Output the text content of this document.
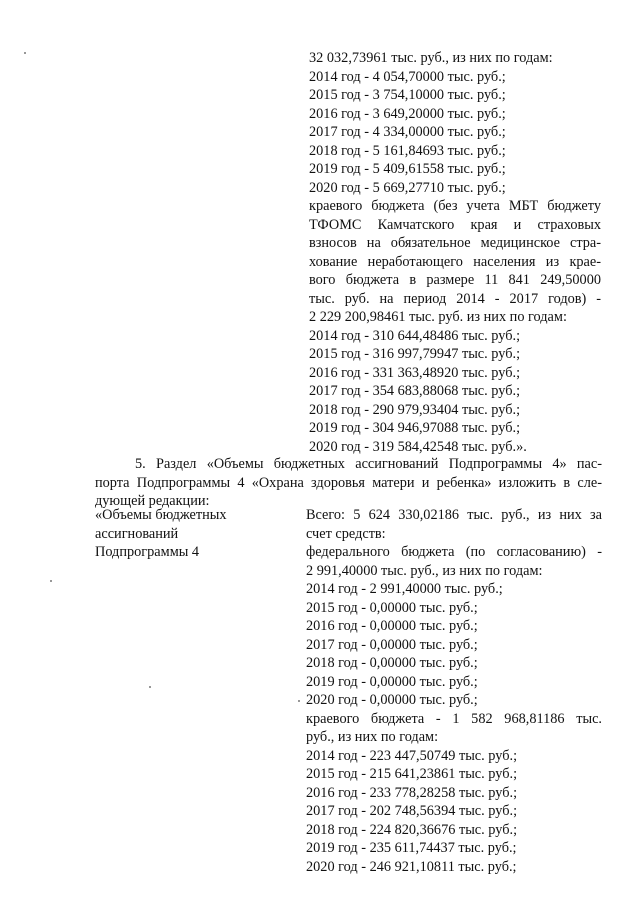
32 032,73961 тыс. руб., из них по годам:
2014 год - 4 054,70000 тыс. руб.;
2015 год - 3 754,10000 тыс. руб.;
2016 год - 3 649,20000 тыс. руб.;
2017 год - 4 334,00000 тыс. руб.;
2018 год - 5 161,84693 тыс. руб.;
2019 год - 5 409,61558 тыс. руб.;
2020 год - 5 669,27710 тыс. руб.;
краевого бюджета (без учета МБТ бюджету
ТФОМС Камчатского края и страховых
взносов на обязательное медицинское стра-
хование неработающего населения из крае-
вого бюджета в размере 11 841 249,50000
тыс. руб. на период 2014 - 2017 годов) -
2 229 200,98461 тыс. руб. из них по годам:
2014 год - 310 644,48486 тыс. руб.;
2015 год - 316 997,79947 тыс. руб.;
2016 год - 331 363,48920 тыс. руб.;
2017 год - 354 683,88068 тыс. руб.;
2018 год - 290 979,93404 тыс. руб.;
2019 год - 304 946,97088 тыс. руб.;
2020 год - 319 584,42548 тыс. руб.».
5. Раздел «Объемы бюджетных ассигнований Подпрограммы 4» пас-
порта Подпрограммы 4 «Охрана здоровья матери и ребенка» изложить в сле-
дующей редакции:
«Объемы бюджетных
ассигнований
Подпрограммы 4
Всего: 5 624 330,02186 тыс. руб., из них за
счет средств:
федерального бюджета (по согласованию) -
2 991,40000 тыс. руб., из них по годам:
2014 год - 2 991,40000 тыс. руб.;
2015 год - 0,00000 тыс. руб.;
2016 год - 0,00000 тыс. руб.;
2017 год - 0,00000 тыс. руб.;
2018 год - 0,00000 тыс. руб.;
2019 год - 0,00000 тыс. руб.;
2020 год - 0,00000 тыс. руб.;
краевого бюджета - 1 582 968,81186 тыс.
руб., из них по годам:
2014 год - 223 447,50749 тыс. руб.;
2015 год - 215 641,23861 тыс. руб.;
2016 год - 233 778,28258 тыс. руб.;
2017 год - 202 748,56394 тыс. руб.;
2018 год - 224 820,36676 тыс. руб.;
2019 год - 235 611,74437 тыс. руб.;
2020 год - 246 921,10811 тыс. руб.;
